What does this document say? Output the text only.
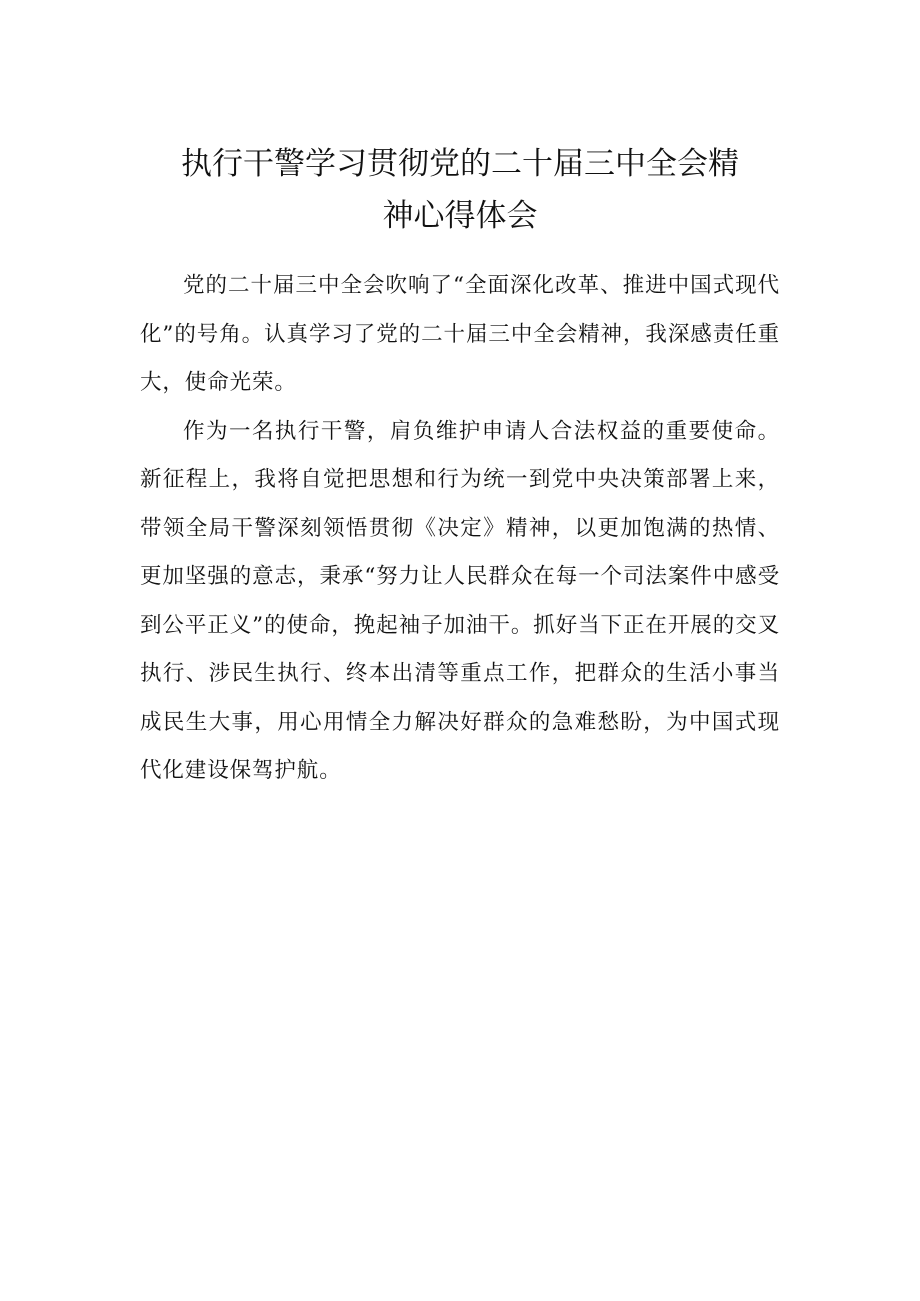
执行干警学习贯彻党的二十届三中全会精
神心得体会

党的二十届三中全会吹响了“全面深化改革、推进中国式现代化”的号角。认真学习了党的二十届三中全会精神，我深感责任重大，使命光荣。

作为一名执行干警，肩负维护申请人合法权益的重要使命。新征程上，我将自觉把思想和行为统一到党中央决策部署上来，带领全局干警深刻领悟贯彻《决定》精神，以更加饱满的热情、更加坚强的意志，秉承“努力让人民群众在每一个司法案件中感受到公平正义”的使命，挽起袖子加油干。抓好当下正在开展的交叉执行、涉民生执行、终本出清等重点工作，把群众的生活小事当成民生大事，用心用情全力解决好群众的急难愁盼，为中国式现代化建设保驾护航。
